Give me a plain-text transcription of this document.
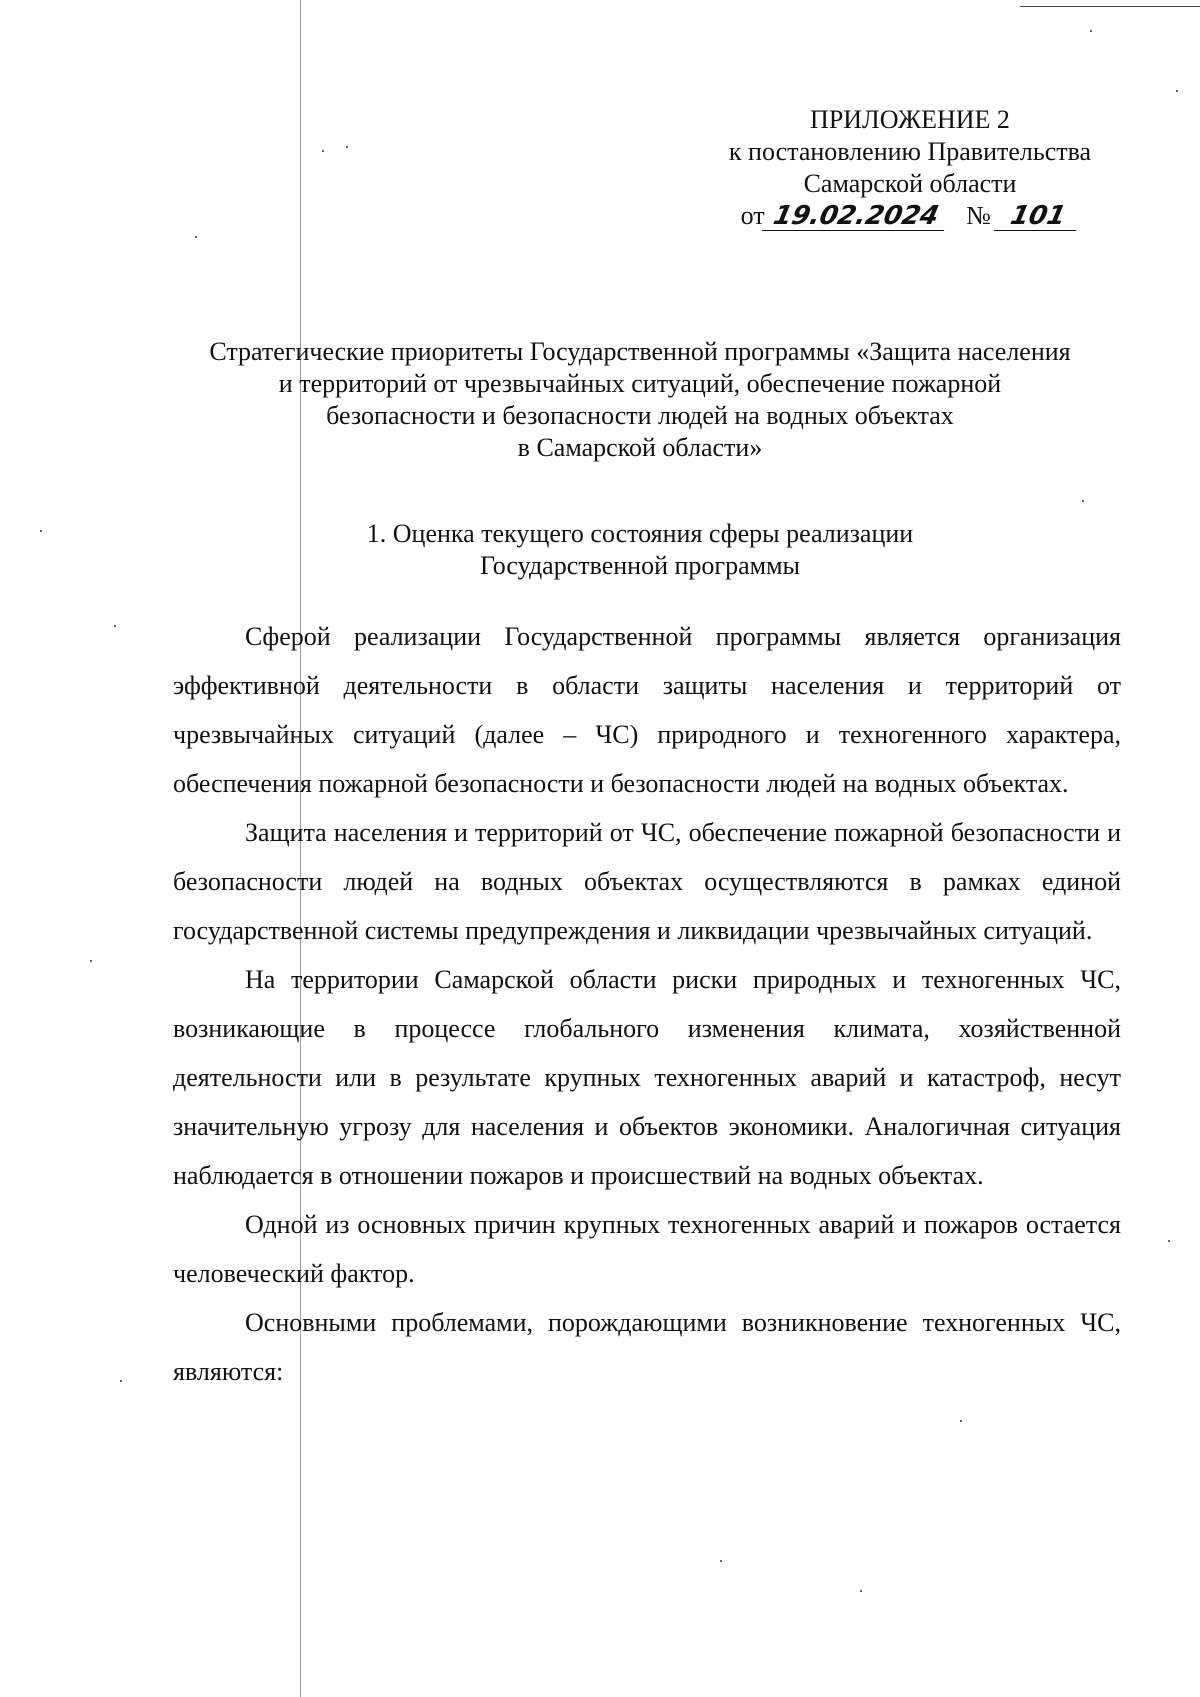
ПРИЛОЖЕНИЕ 2
к постановлению Правительства
Самарской области
от 19.02.2024 № 101
Стратегические приоритеты Государственной программы «Защита населения
и территорий от чрезвычайных ситуаций, обеспечение пожарной
безопасности и безопасности людей на водных объектах
в Самарской области»
1. Оценка текущего состояния сферы реализации
Государственной программы

Сферой реализации Государственной программы является организация эффективной деятельности в области защиты населения и территорий от чрезвычайных ситуаций (далее – ЧС) природного и техногенного характера, обеспечения пожарной безопасности и безопасности людей на водных объектах.

Защита населения и территорий от ЧС, обеспечение пожарной безопасности и безопасности людей на водных объектах осуществляются в рамках единой государственной системы предупреждения и ликвидации чрезвычайных ситуаций.

На территории Самарской области риски природных и техногенных ЧС, возникающие в процессе глобального изменения климата, хозяйственной деятельности или в результате крупных техногенных аварий и катастроф, несут значительную угрозу для населения и объектов экономики. Аналогичная ситуация наблюдается в отношении пожаров и происшествий на водных объектах.

Одной из основных причин крупных техногенных аварий и пожаров остается человеческий фактор.

Основными проблемами, порождающими возникновение техногенных ЧС, являются:
